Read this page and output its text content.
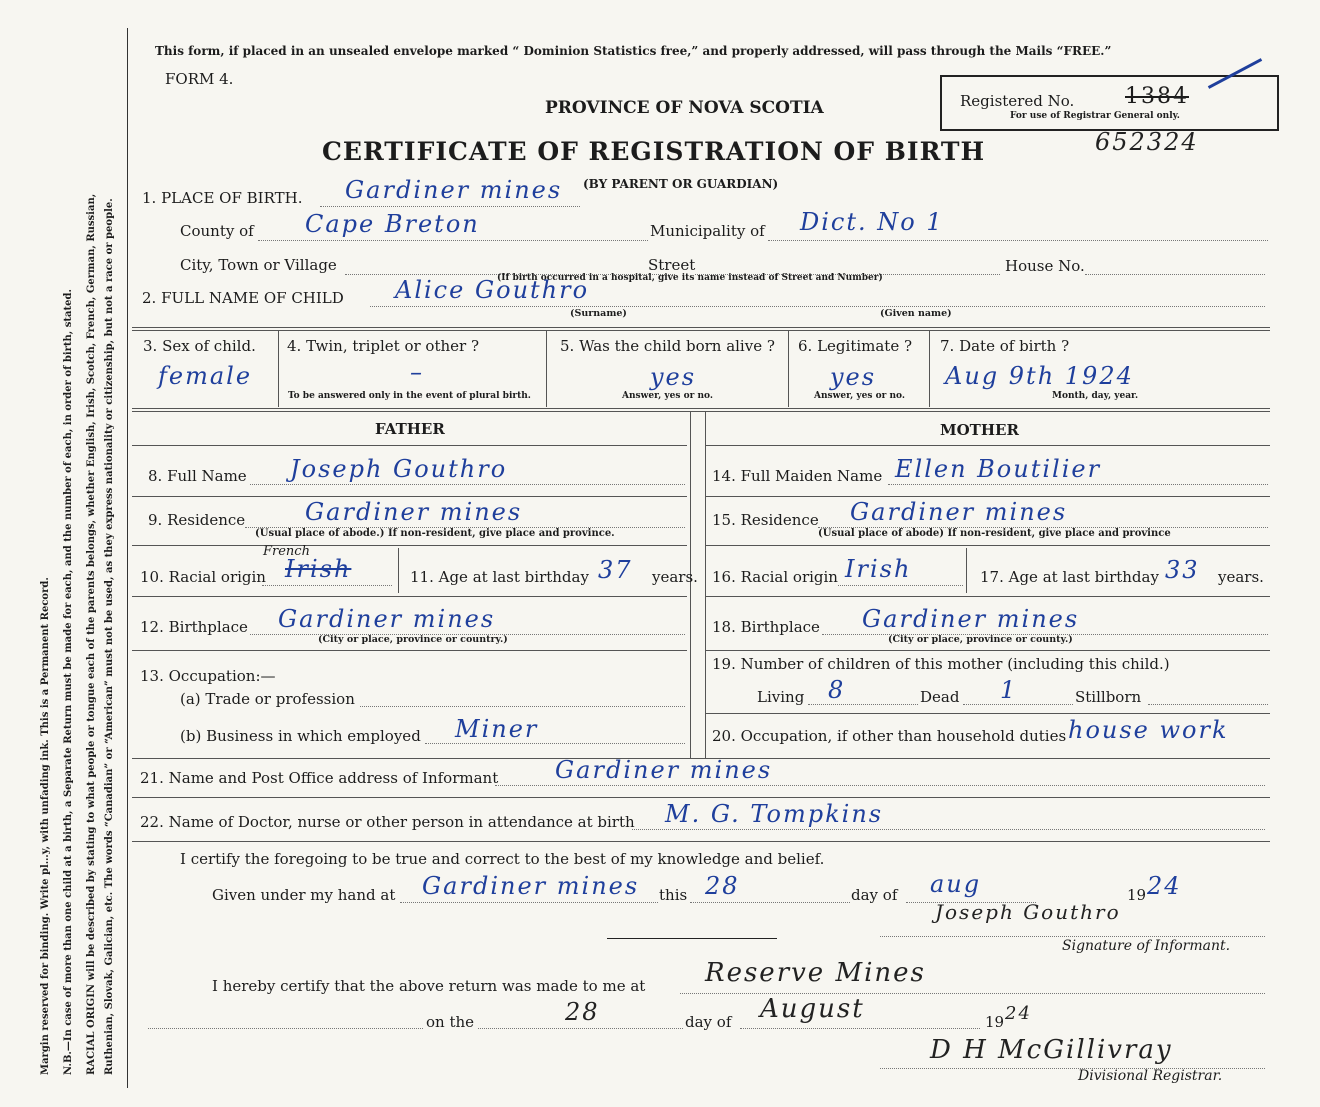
Margin reserved for binding. Write pl…y, with unfading ink. This is a Permanent Record. N.B.—In case of more than one child at a birth, a Separate Return must be made for each, and the number of each, in order of birth, stated. RACIAL ORIGIN will be described by stating to what people or tongue each of the parents belongs, whether English, Irish, Scotch, French, German, Russian, Ruthenian, Slovak, Galician, etc. The words “Canadian” or “American” must not be used, as they express nationality or citizenship, but not a race or people.
This form, if placed in an unsealed envelope marked “ Dominion Statistics free,” and properly addressed, will pass through the Mails “FREE.”
FORM 4.
PROVINCE OF NOVA SCOTIA
CERTIFICATE OF REGISTRATION OF BIRTH
(BY PARENT OR GUARDIAN)
Registered No.
For use of Registrar General only.
1384
652324
1. PLACE OF BIRTH. Gardiner mines
County of Cape Breton	Municipality of Dict. No 1
City, Town or Village	Street	House No.
(If birth occurred in a hospital, give its name instead of Street and Number)
2. FULL NAME OF CHILD Alice Gouthro
(Surname)	(Given name)
3. Sex of child.
female
4. Twin, triplet or other ?
–
To be answered only in the event of plural birth.
5. Was the child born alive ?
yes
Answer, yes or no.
6. Legitimate ?
yes
Answer, yes or no.
7. Date of birth ?
Aug 9th 1924
Month, day, year.
FATHER	MOTHER
8. Full Name Joseph Gouthro
9. Residence Gardiner mines
(Usual place of abode.) If non-resident, give place and province.
French
10. Racial origin Irish	11. Age at last birthday 37 years.
12. Birthplace Gardiner mines
(City or place, province or country.)
13. Occupation:—
(a) Trade or profession
(b) Business in which employed Miner
14. Full Maiden Name Ellen Boutilier
15. Residence Gardiner mines
(Usual place of abode) If non-resident, give place and province
16. Racial origin Irish	17. Age at last birthday 33 years.
18. Birthplace Gardiner mines
(City or place, province or county.)
19. Number of children of this mother (including this child.)
Living 8	Dead 1	Stillborn
20. Occupation, if other than household duties house work
21. Name and Post Office address of Informant Gardiner mines
22. Name of Doctor, nurse or other person in attendance at birth M. G. Tompkins
I certify the foregoing to be true and correct to the best of my knowledge and belief.
Given under my hand at Gardiner mines this 28	day of aug	19 24
Joseph Gouthro
Signature of Informant.
I hereby certify that the above return was made to me at Reserve Mines
on the	28	day of August	19 24
D H McGillivray
Divisional Registrar.
